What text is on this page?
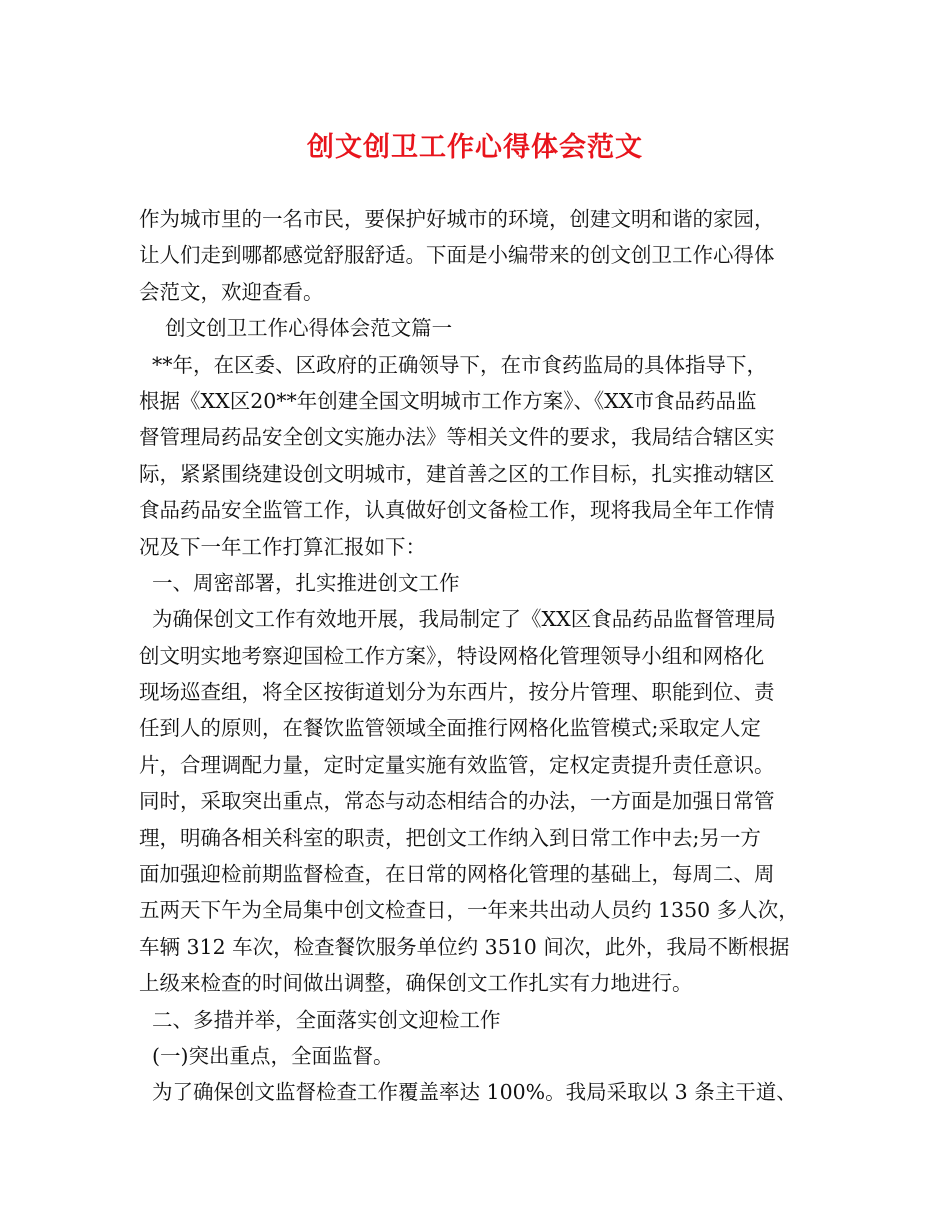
创文创卫工作心得体会范文
作为城市里的一名市民，要保护好城市的环境，创建文明和谐的家园，
让人们走到哪都感觉舒服舒适。下面是小编带来的创文创卫工作心得体
会范文，欢迎查看。
创文创卫工作心得体会范文篇一
**年，在区委、区政府的正确领导下，在市食药监局的具体指导下，
根据《XX区20**年创建全国文明城市工作方案》、《XX市食品药品监
督管理局药品安全创文实施办法》等相关文件的要求，我局结合辖区实
际，紧紧围绕建设创文明城市，建首善之区的工作目标，扎实推动辖区
食品药品安全监管工作，认真做好创文备检工作，现将我局全年工作情
况及下一年工作打算汇报如下：
一、周密部署，扎实推进创文工作
为确保创文工作有效地开展，我局制定了《XX区食品药品监督管理局
创文明实地考察迎国检工作方案》，特设网格化管理领导小组和网格化
现场巡查组，将全区按街道划分为东西片，按分片管理、职能到位、责
任到人的原则，在餐饮监管领域全面推行网格化监管模式;采取定人定
片，合理调配力量，定时定量实施有效监管，定权定责提升责任意识。
同时，采取突出重点，常态与动态相结合的办法，一方面是加强日常管
理，明确各相关科室的职责，把创文工作纳入到日常工作中去;另一方
面加强迎检前期监督检查，在日常的网格化管理的基础上，每周二、周
五两天下午为全局集中创文检查日，一年来共出动人员约 1350 多人次，
车辆 312 车次，检查餐饮服务单位约 3510 间次，此外，我局不断根据
上级来检查的时间做出调整，确保创文工作扎实有力地进行。
二、多措并举，全面落实创文迎检工作
(一)突出重点，全面监督。
为了确保创文监督检查工作覆盖率达 100%。我局采取以 3 条主干道、
